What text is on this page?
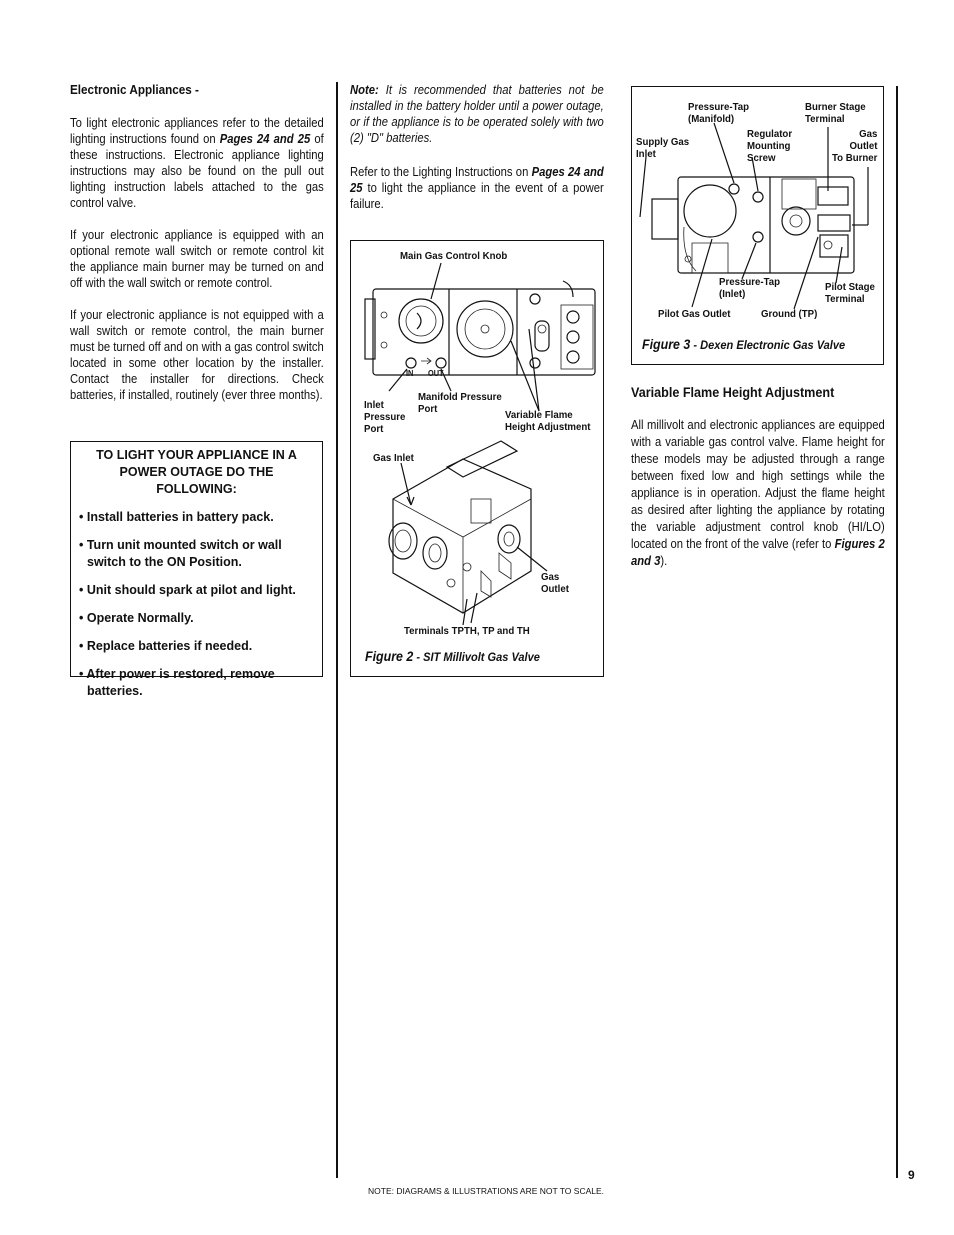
Electronic Appliances -

To light electronic appliances refer to the detailed lighting instructions found on Pages 24 and 25 of these instructions. Electronic appliance lighting instructions may also be found on the pull out lighting instruction labels attached to the gas control valve.

If your electronic appliance is equipped with an optional remote wall switch or remote control kit the appliance main burner may be turned on and off with the wall switch or remote control.

If your electronic appliance is not equipped with a wall switch or remote control, the main burner must be turned off and on with a gas control switch located in some other location by the installer. Contact the installer for directions. Check batteries, if installed, routinely (ever three months).

TO LIGHT YOUR APPLIANCE IN A POWER OUTAGE DO THE FOLLOWING:

• Install batteries in battery pack.

• Turn unit mounted switch or wall switch to the ON Position.

• Unit should spark at pilot and light.

• Operate Normally.

• Replace batteries if needed.

• After power is restored, remove batteries.

Note: It is recommended that batteries not be installed in the battery holder until a power outage, or if the appliance is to be operated solely with two (2) "D" batteries.

Refer to the Lighting Instructions on Pages 24 and 25 to light the appliance in the event of a power failure.

Main Gas Control Knob
IN OUT
Inlet
Pressure
Port
Manifold Pressure
Port	Variable Flame
Height Adjustment
Gas Inlet
Gas
Outlet
Terminals TPTH, TP and TH
Figure 2 - SIT Millivolt Gas Valve
Pressure-Tap
(Manifold)
Burner Stage
Terminal
Supply Gas
Inlet
Regulator
Mounting
Screw
Gas
Outlet
To Burner
Pressure-Tap
(Inlet)
Pilot Stage
Terminal
Pilot Gas Outlet	Ground (TP)
Figure 3 - Dexen Electronic Gas Valve
Variable Flame Height Adjustment

All millivolt and electronic appliances are equipped with a variable gas control valve. Flame height for these models may be adjusted through a range between fixed low and high settings while the appliance is in operation. Adjust the flame height as desired after lighting the appliance by rotating the variable adjustment control knob (HI/LO) located on the front of the valve (refer to Figures 2 and 3).

9
NOTE: DIAGRAMS & ILLUSTRATIONS ARE NOT TO SCALE.
